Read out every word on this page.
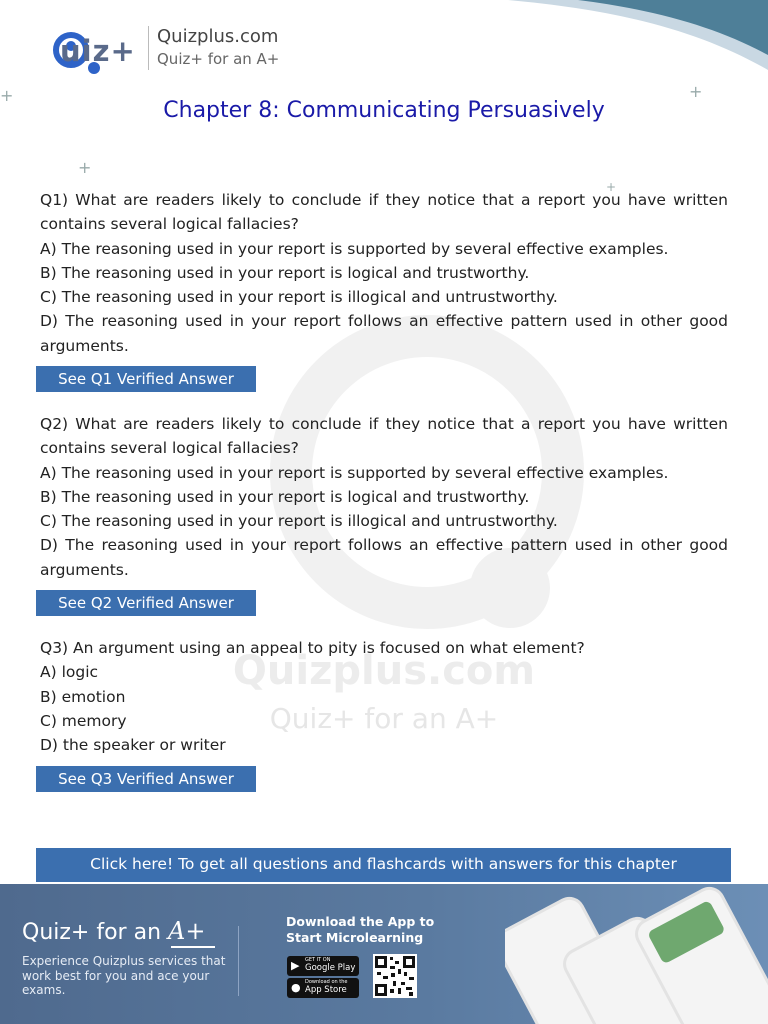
uiz+ Quizplus.com
Quiz+ for an A+
Chapter 8: Communicating Persuasively
+	+
+
+
Quizplus.com
Quiz+ for an A+
Q1) What are readers likely to conclude if they notice that a report you have written contains several logical fallacies?
A) The reasoning used in your report is supported by several effective examples.
B) The reasoning used in your report is logical and trustworthy.
C) The reasoning used in your report is illogical and untrustworthy.
D) The reasoning used in your report follows an effective pattern used in other good arguments.
See Q1 Verified Answer
Q2) What are readers likely to conclude if they notice that a report you have written contains several logical fallacies?
A) The reasoning used in your report is supported by several effective examples.
B) The reasoning used in your report is logical and trustworthy.
C) The reasoning used in your report is illogical and untrustworthy.
D) The reasoning used in your report follows an effective pattern used in other good arguments.
See Q2 Verified Answer
Q3) An argument using an appeal to pity is focused on what element?
A) logic
B) emotion
C) memory
D) the speaker or writer
See Q3 Verified Answer
Click here! To get all questions and flashcards with answers for this chapter
Quiz+ for an A+
Experience Quizplus services that work best for you and ace your exams.
Download the App to Start Microlearning
▶ GET IT ON
Google Play
● Download on the
App Store
